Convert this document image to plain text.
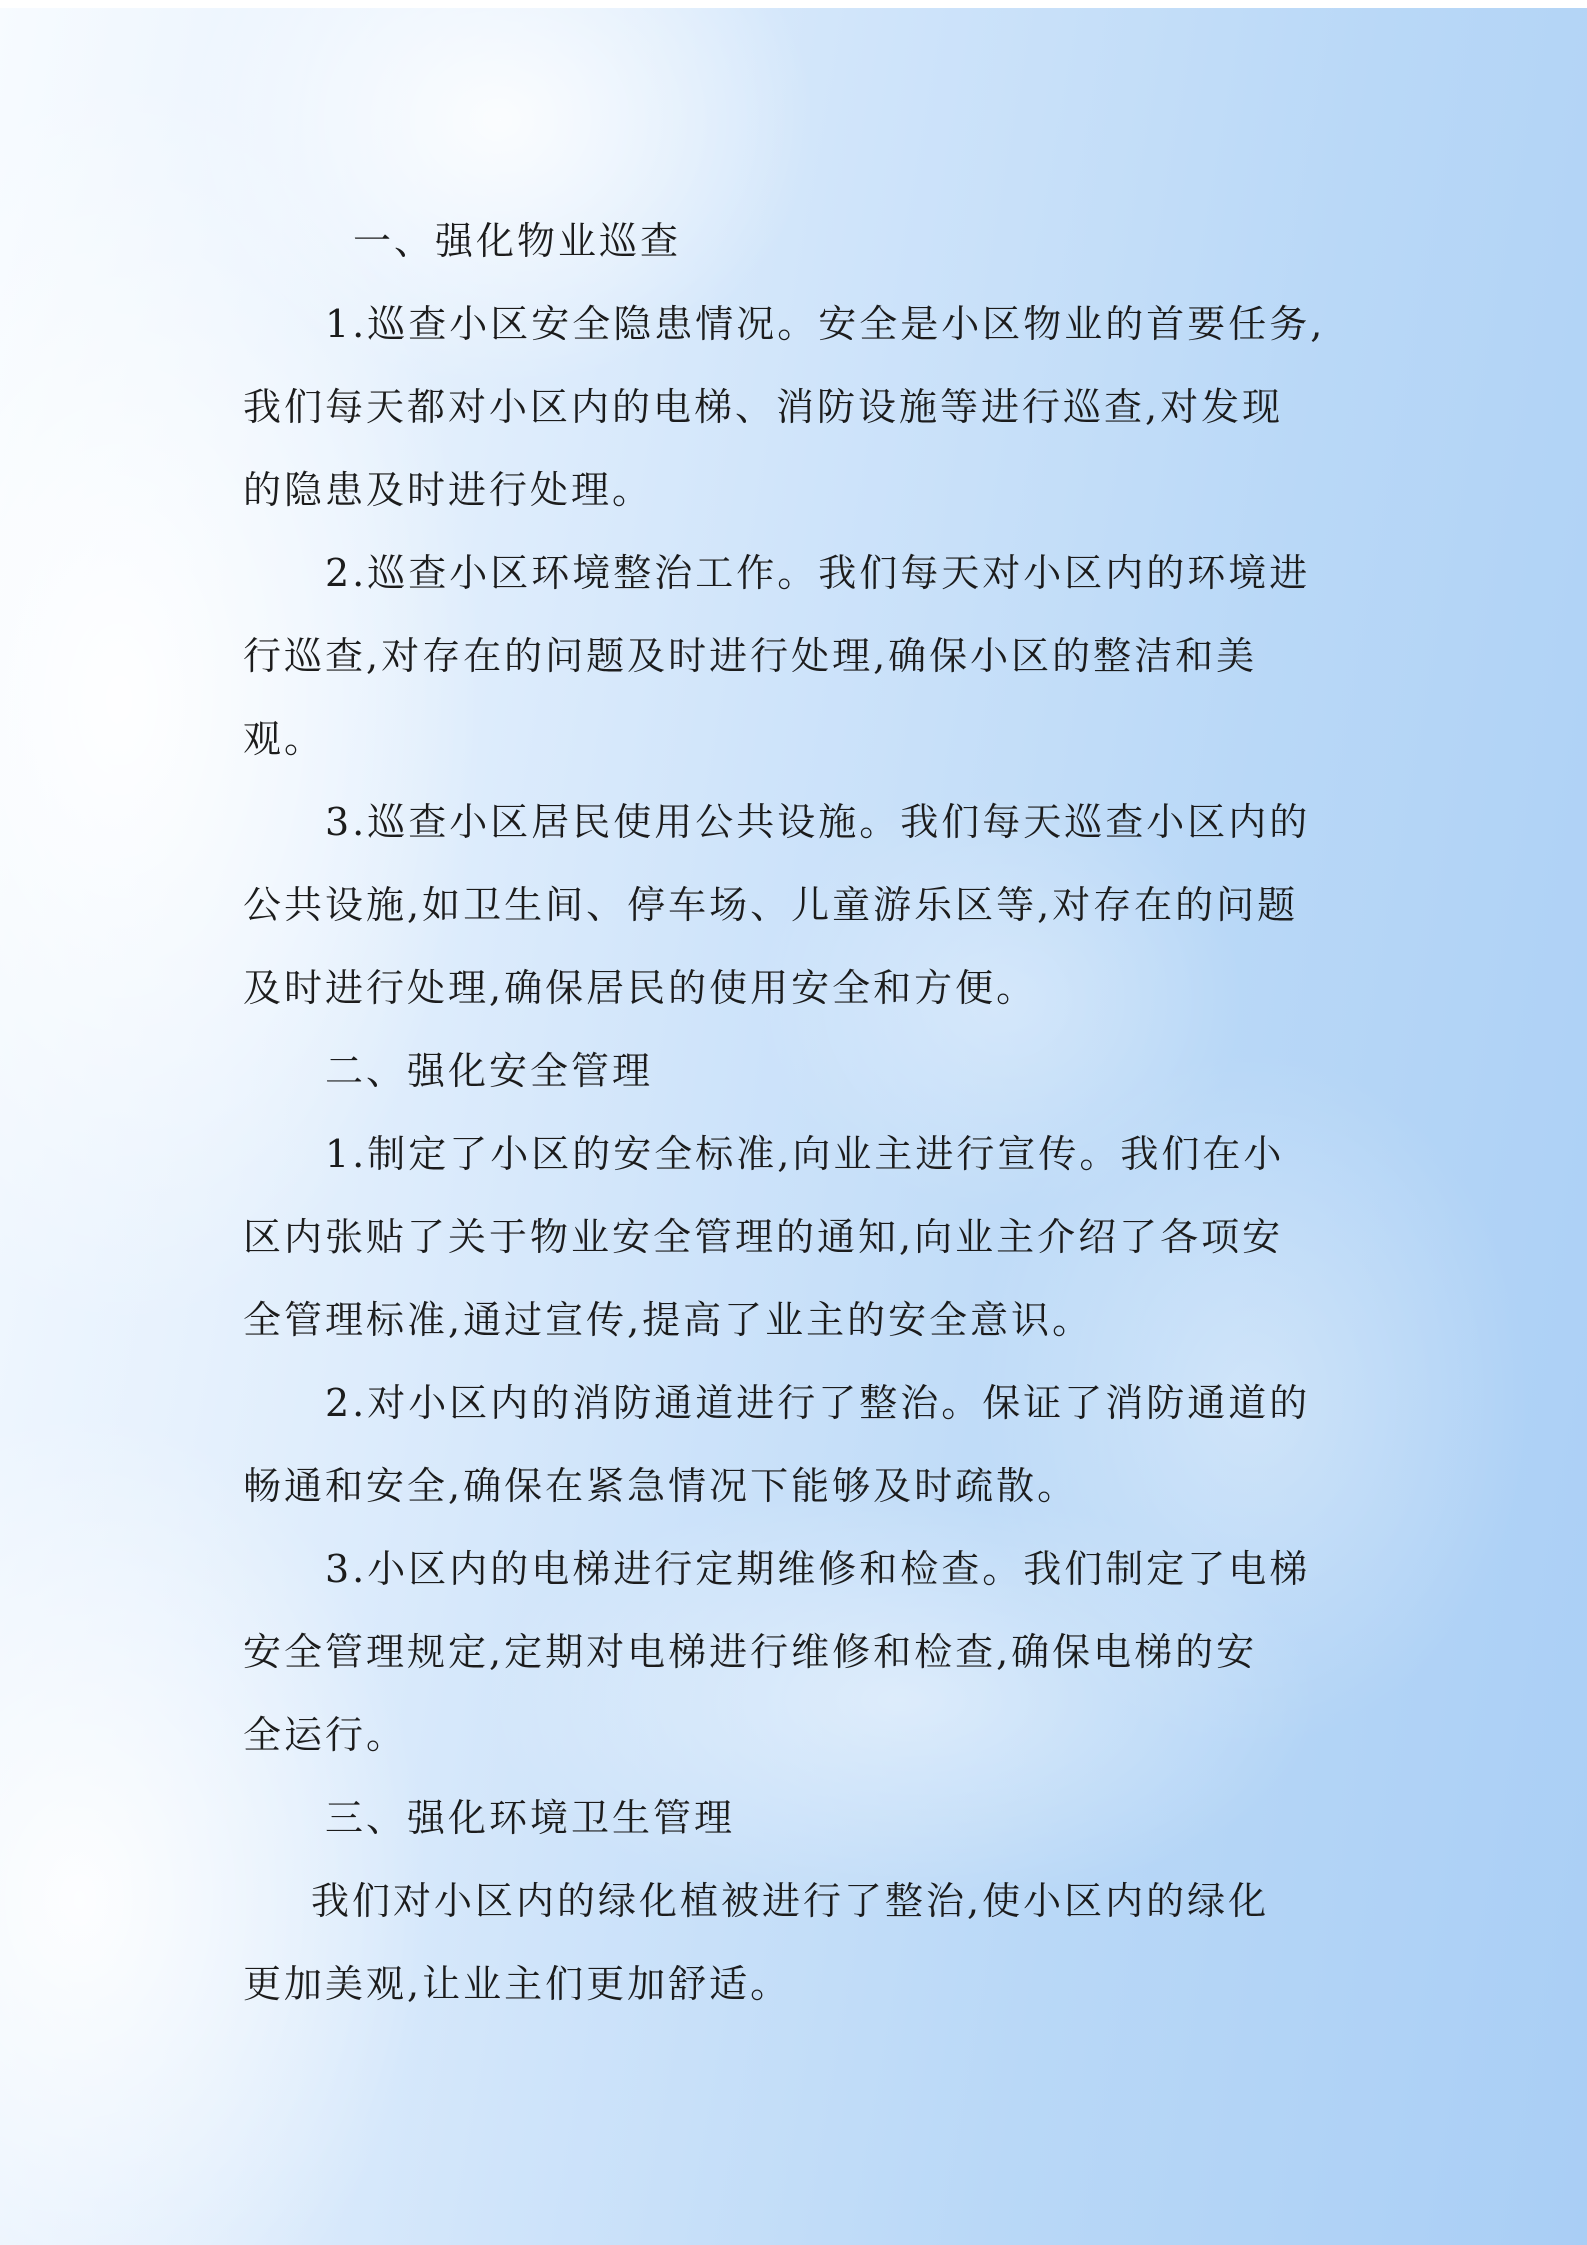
一、强化物业巡查
1.巡查小区安全隐患情况。安全是小区物业的首要任务,
我们每天都对小区内的电梯、消防设施等进行巡查,对发现
的隐患及时进行处理。
2.巡查小区环境整治工作。我们每天对小区内的环境进
行巡查,对存在的问题及时进行处理,确保小区的整洁和美
观。
3.巡查小区居民使用公共设施。我们每天巡查小区内的
公共设施,如卫生间、停车场、儿童游乐区等,对存在的问题
及时进行处理,确保居民的使用安全和方便。
二、强化安全管理
1.制定了小区的安全标准,向业主进行宣传。我们在小
区内张贴了关于物业安全管理的通知,向业主介绍了各项安
全管理标准,通过宣传,提高了业主的安全意识。
2.对小区内的消防通道进行了整治。保证了消防通道的
畅通和安全,确保在紧急情况下能够及时疏散。
3.小区内的电梯进行定期维修和检查。我们制定了电梯
安全管理规定,定期对电梯进行维修和检查,确保电梯的安
全运行。
三、强化环境卫生管理
我们对小区内的绿化植被进行了整治,使小区内的绿化
更加美观,让业主们更加舒适。
